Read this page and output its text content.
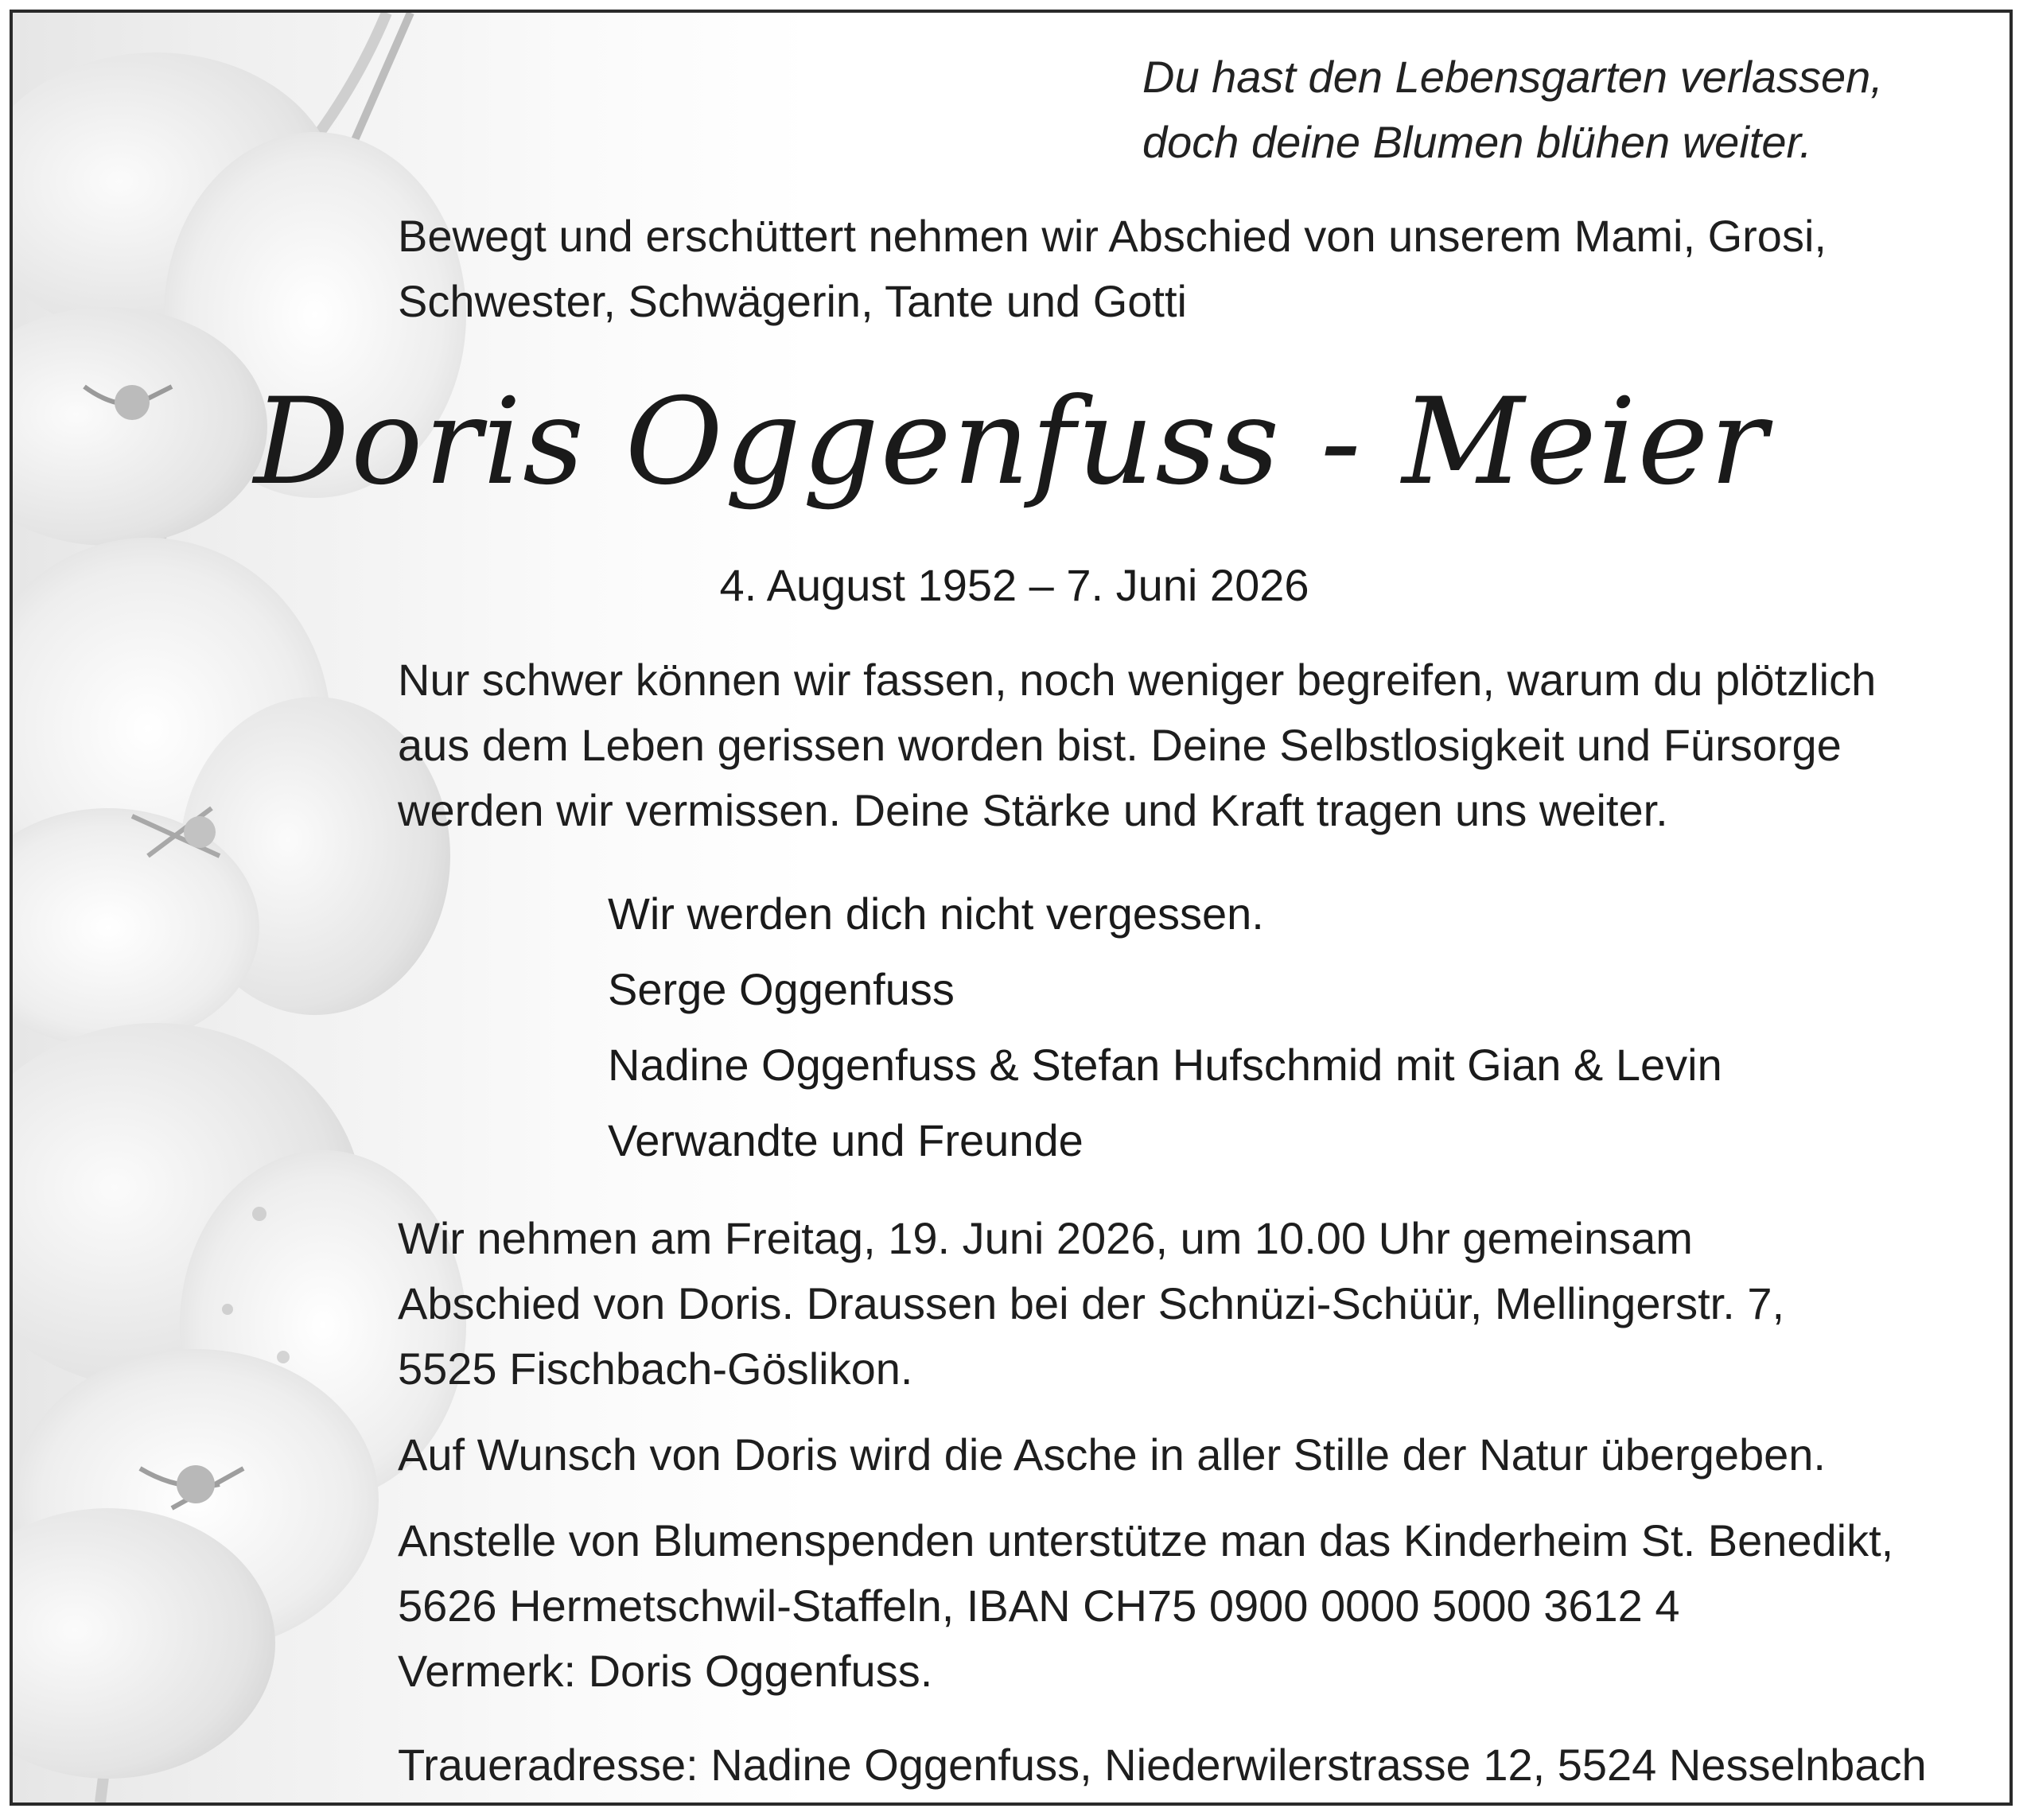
Du hast den Lebensgarten verlassen,
doch deine Blumen blühen weiter.
Bewegt und erschüttert nehmen wir Abschied von unserem Mami, Grosi,
Schwester, Schwägerin, Tante und Gotti
Doris Oggenfuss - Meier
4. August 1952 – 7. Juni 2026
Nur schwer können wir fassen, noch weniger begreifen, warum du plötzlich
aus dem Leben gerissen worden bist. Deine Selbstlosigkeit und Fürsorge
werden wir vermissen. Deine Stärke und Kraft tragen uns weiter.
Wir werden dich nicht vergessen.
Serge Oggenfuss
Nadine Oggenfuss & Stefan Hufschmid mit Gian & Levin
Verwandte und Freunde
Wir nehmen am Freitag, 19. Juni 2026, um 10.00 Uhr gemeinsam
Abschied von Doris. Draussen bei der Schnüzi-Schüür, Mellingerstr. 7,
5525 Fischbach-Göslikon.
Auf Wunsch von Doris wird die Asche in aller Stille der Natur übergeben.
Anstelle von Blumenspenden unterstütze man das Kinderheim St. Benedikt,
5626 Hermetschwil-Staffeln, IBAN CH75 0900 0000 5000 3612 4
Vermerk: Doris Oggenfuss.
Traueradresse: Nadine Oggenfuss, Niederwilerstrasse 12, 5524 Nesselnbach
